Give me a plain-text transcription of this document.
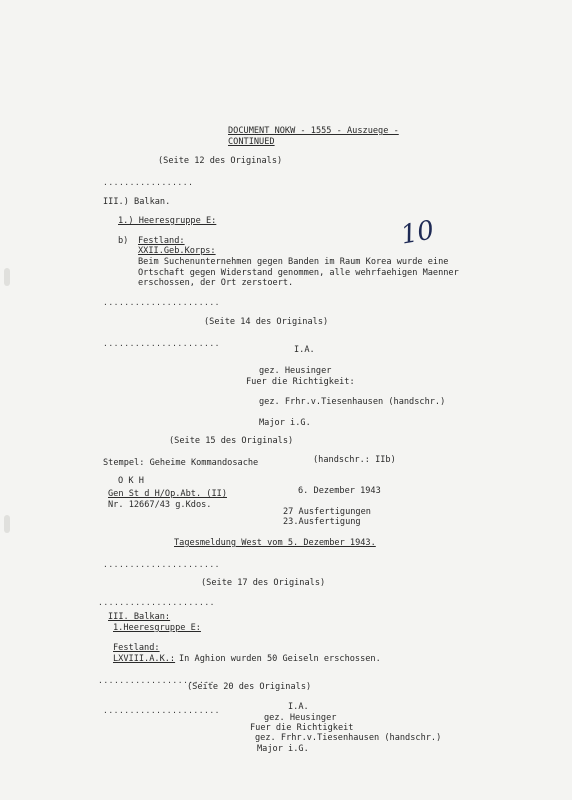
DOCUMENT NOKW - 1555 - Auszuege -
CONTINUED
(Seite 12 des Originals)
.................
III.) Balkan.
1.) Heeresgruppe E:
b) Festland:
XXII.Geb.Korps:
Beim Suchenunternehmen gegen Banden im Raum Korea wurde eine
Ortschaft gegen Widerstand genommen, alle wehrfaehigen Maenner
erschossen, der Ort zerstoert.
10
......................
(Seite 14 des Originals)
......................
I.A.
gez. Heusinger
Fuer die Richtigkeit:
gez. Frhr.v.Tiesenhausen (handschr.)
Major i.G.
(Seite 15 des Originals)
Stempel: Geheime Kommandosache	(handschr.: IIb)
O K H
Gen St d H/Op.Abt. (II)
Nr. 12667/43 g.Kdos.
6. Dezember 1943
27 Ausfertigungen
23.Ausfertigung
Tagesmeldung West vom 5. Dezember 1943.
......................
(Seite 17 des Originals)
......................
III. Balkan:
1.Heeresgruppe E:
Festland:
LXVIII.A.K.: In Aghion wurden 50 Geiseln erschossen.
......................
(Seite 20 des Originals)
......................	I.A.
gez. Heusinger
Fuer die Richtigkeit
gez. Frhr.v.Tiesenhausen (handschr.)
Major i.G.
